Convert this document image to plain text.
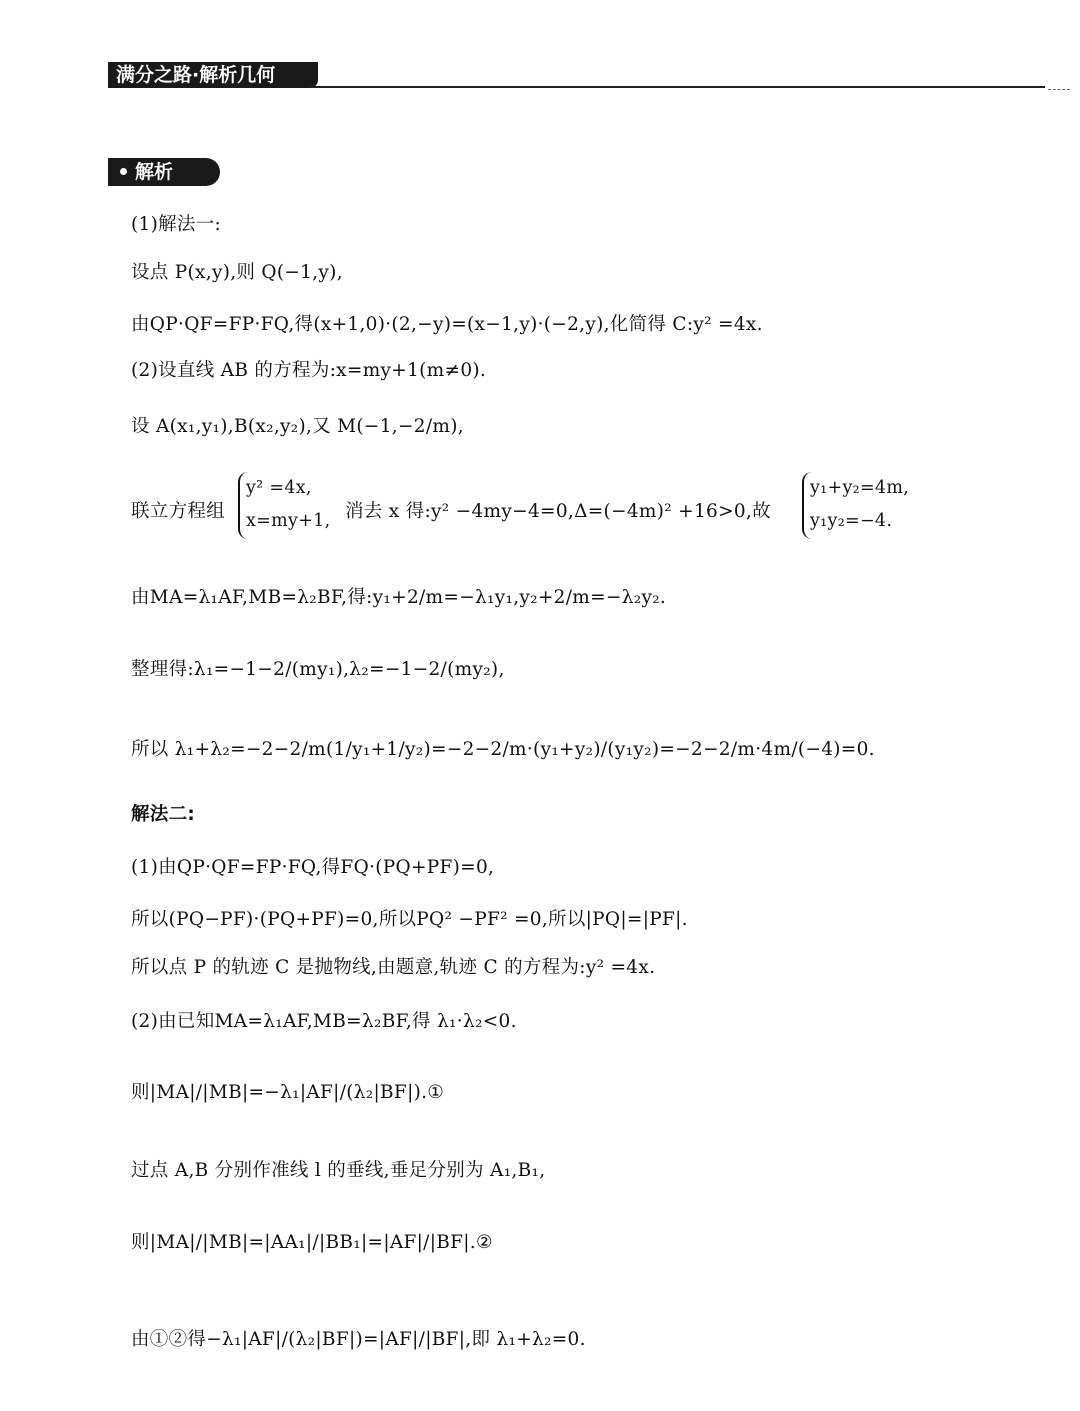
满分之路·解析几何
解析
(1)解法一:
设点 P(x,y),则 Q(−1,y),
由QP·QF=FP·FQ,得(x+1,0)·(2,−y)=(x−1,y)·(−2,y),化简得 C:y² =4x.
(2)设直线 AB 的方程为:x=my+1(m≠0).
设 A(x₁,y₁),B(x₂,y₂),又 M(−1,−2/m),
联立方程组
y² =4x,
x=my+1, 消去 x 得:y² −4my−4=0,Δ=(−4m)² +16>0,故
y₁+y₂=4m,
y₁y₂=−4.
由MA=λ₁AF,MB=λ₂BF,得:y₁+2/m=−λ₁y₁,y₂+2/m=−λ₂y₂.
整理得:λ₁=−1−2/(my₁),λ₂=−1−2/(my₂),
所以 λ₁+λ₂=−2−2/m(1/y₁+1/y₂)=−2−2/m·(y₁+y₂)/(y₁y₂)=−2−2/m·4m/(−4)=0.
解法二:
(1)由QP·QF=FP·FQ,得FQ·(PQ+PF)=0,
所以(PQ−PF)·(PQ+PF)=0,所以PQ² −PF² =0,所以|PQ|=|PF|.
所以点 P 的轨迹 C 是抛物线,由题意,轨迹 C 的方程为:y² =4x.
(2)由已知MA=λ₁AF,MB=λ₂BF,得 λ₁·λ₂<0.
则|MA|/|MB|=−λ₁|AF|/(λ₂|BF|).①
过点 A,B 分别作准线 l 的垂线,垂足分别为 A₁,B₁,
则|MA|/|MB|=|AA₁|/|BB₁|=|AF|/|BF|.②
由①②得−λ₁|AF|/(λ₂|BF|)=|AF|/|BF|,即 λ₁+λ₂=0.
